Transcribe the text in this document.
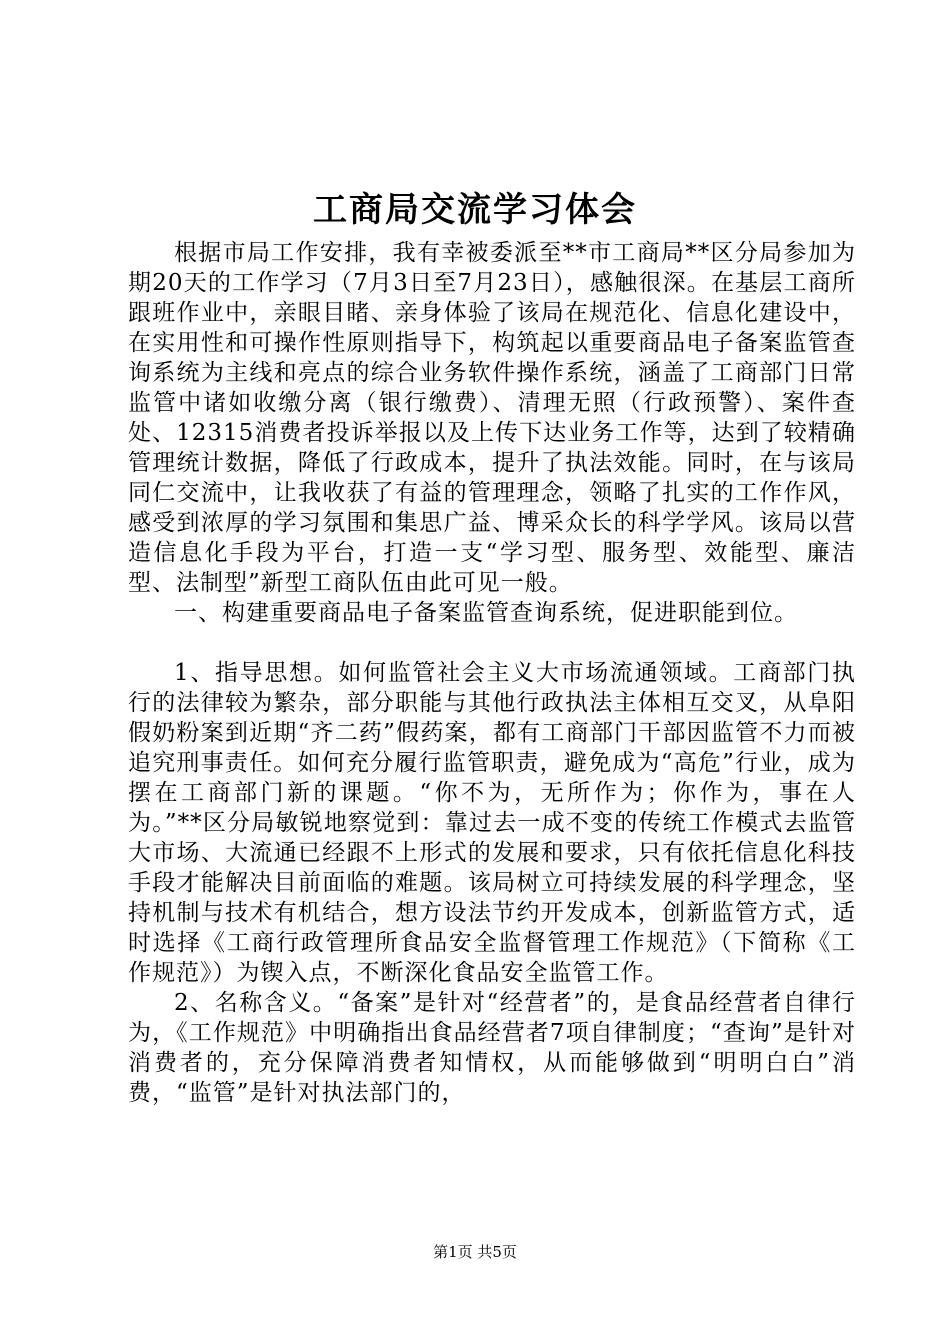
工商局交流学习体会

根据市局工作安排，我有幸被委派至**市工商局**区分局参加为期20天的工作学习（7月3日至7月23日），感触很深。在基层工商所跟班作业中，亲眼目睹、亲身体验了该局在规范化、信息化建设中，在实用性和可操作性原则指导下，构筑起以重要商品电子备案监管查询系统为主线和亮点的综合业务软件操作系统，涵盖了工商部门日常监管中诸如收缴分离（银行缴费）、清理无照（行政预警）、案件查处、12315消费者投诉举报以及上传下达业务工作等，达到了较精确管理统计数据，降低了行政成本，提升了执法效能。同时，在与该局同仁交流中，让我收获了有益的管理理念，领略了扎实的工作作风，感受到浓厚的学习氛围和集思广益、博采众长的科学学风。该局以营造信息化手段为平台，打造一支“学习型、服务型、效能型、廉洁型、法制型”新型工商队伍由此可见一般。

一、构建重要商品电子备案监管查询系统，促进职能到位。

1、指导思想。如何监管社会主义大市场流通领域。工商部门执行的法律较为繁杂，部分职能与其他行政执法主体相互交叉，从阜阳假奶粉案到近期“齐二药”假药案，都有工商部门干部因监管不力而被追究刑事责任。如何充分履行监管职责，避免成为“高危”行业，成为摆在工商部门新的课题。“你不为，无所作为；你作为，事在人为。”**区分局敏锐地察觉到：靠过去一成不变的传统工作模式去监管大市场、大流通已经跟不上形式的发展和要求，只有依托信息化科技手段才能解决目前面临的难题。该局树立可持续发展的科学理念，坚持机制与技术有机结合，想方设法节约开发成本，创新监管方式，适时选择《工商行政管理所食品安全监督管理工作规范》（下简称《工作规范》）为锲入点，不断深化食品安全监管工作。

2、名称含义。“备案”是针对“经营者”的，是食品经营者自律行为，《工作规范》中明确指出食品经营者7项自律制度；“查询”是针对消费者的，充分保障消费者知情权，从而能够做到“明明白白”消费，“监管”是针对执法部门的，

第1页 共5页
